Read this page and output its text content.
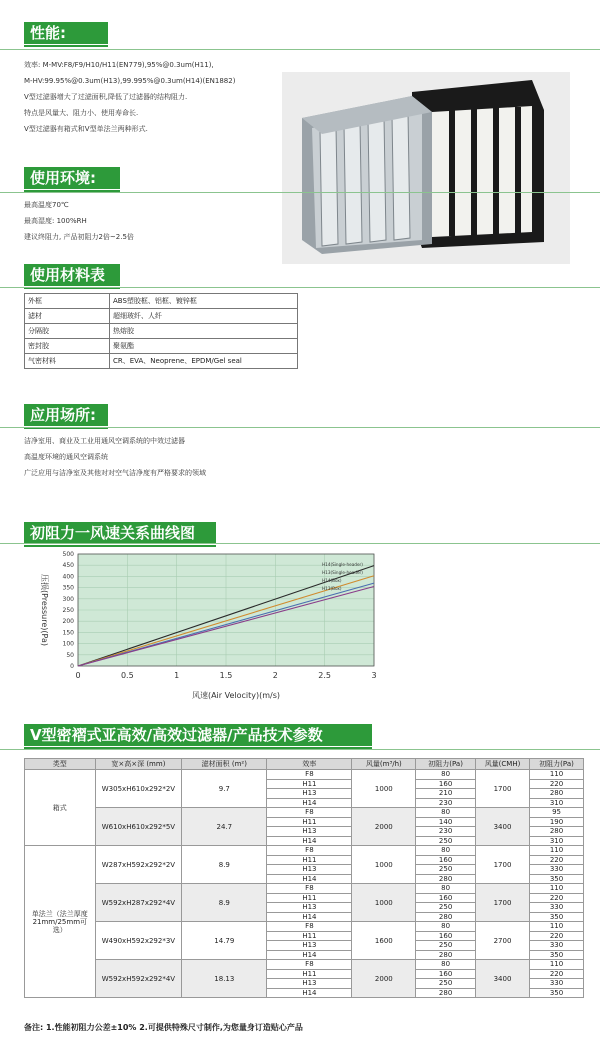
性能:
效率: M-MV:F8/F9/H10/H11(EN779),95%@0.3um(H11),
M-HV:99.95%@0.3um(H13),99.995%@0.3um(H14)(EN1882)
V型过滤器增大了过滤面积,降低了过滤器的结构阻力.
特点是风量大、阻力小、使用寿命长.
V型过滤器有箱式和V型单法兰两种形式.
使用环境:
最高温度70℃
最高湿度: 100%RH
建议终阻力, 产品初阻力2倍~2.5倍
使用材料表
外框	ABS塑胶框、铝框、镀锌框
滤材	超细玻纤、人纤
分隔胶	热熔胶
密封胶	聚氨酯
气密材料	CR、EVA、Neoprene、EPDM/Gel seal
应用场所:
洁净室用、商业及工业用通风空调系统的中效过滤器
高温度环境的通风空调系统
广泛应用与洁净室及其他对对空气洁净度有严格要求的领域
初阻力一风速关系曲线图
0
50
100
150
200
250
300
350
400
450
500
0	0.5	1	1.5	2	2.5	3
H14(Single-header)
H13(Single-header)
H14(Box)
H13(Box)
压损(Pressure)(Pa)
风速(Air Velocity)(m/s)
V型密褶式亚高效/高效过滤器/产品技术参数
类型	宽×高×深 (mm)	滤材面积 (m²)	效率	风量(m³/h)	初阻力(Pa)	风量(CMH)	初阻力(Pa)
箱式	W305xH610x292*2V	9.7	F8	1000	80	1700	110
			H11		160		220
			H13		210		280
			H14		230		310
	W610xH610x292*5V	24.7	F8	2000	80	3400	95
			H11		140		190
			H13		230		280
			H14		250		310
单法兰（法兰厚度21mm/25mm可选）	W287xH592x292*2V	8.9	F8	1000	80	1700	110
			H11		160		220
			H13		250		330
			H14		280		350
	W592xH287x292*4V	8.9	F8	1000	80	1700	110
			H11		160		220
			H13		250		330
			H14		280		350
	W490xH592x292*3V	14.79	F8	1600	80	2700	110
			H11		160		220
			H13		250		330
			H14		280		350
	W592xH592x292*4V	18.13	F8	2000	80	3400	110
			H11		160		220
			H13		250		330
			H14		280		350
备注: 1.性能初阻力公差±10% 2.可提供特殊尺寸制作,为您量身订造贴心产品
